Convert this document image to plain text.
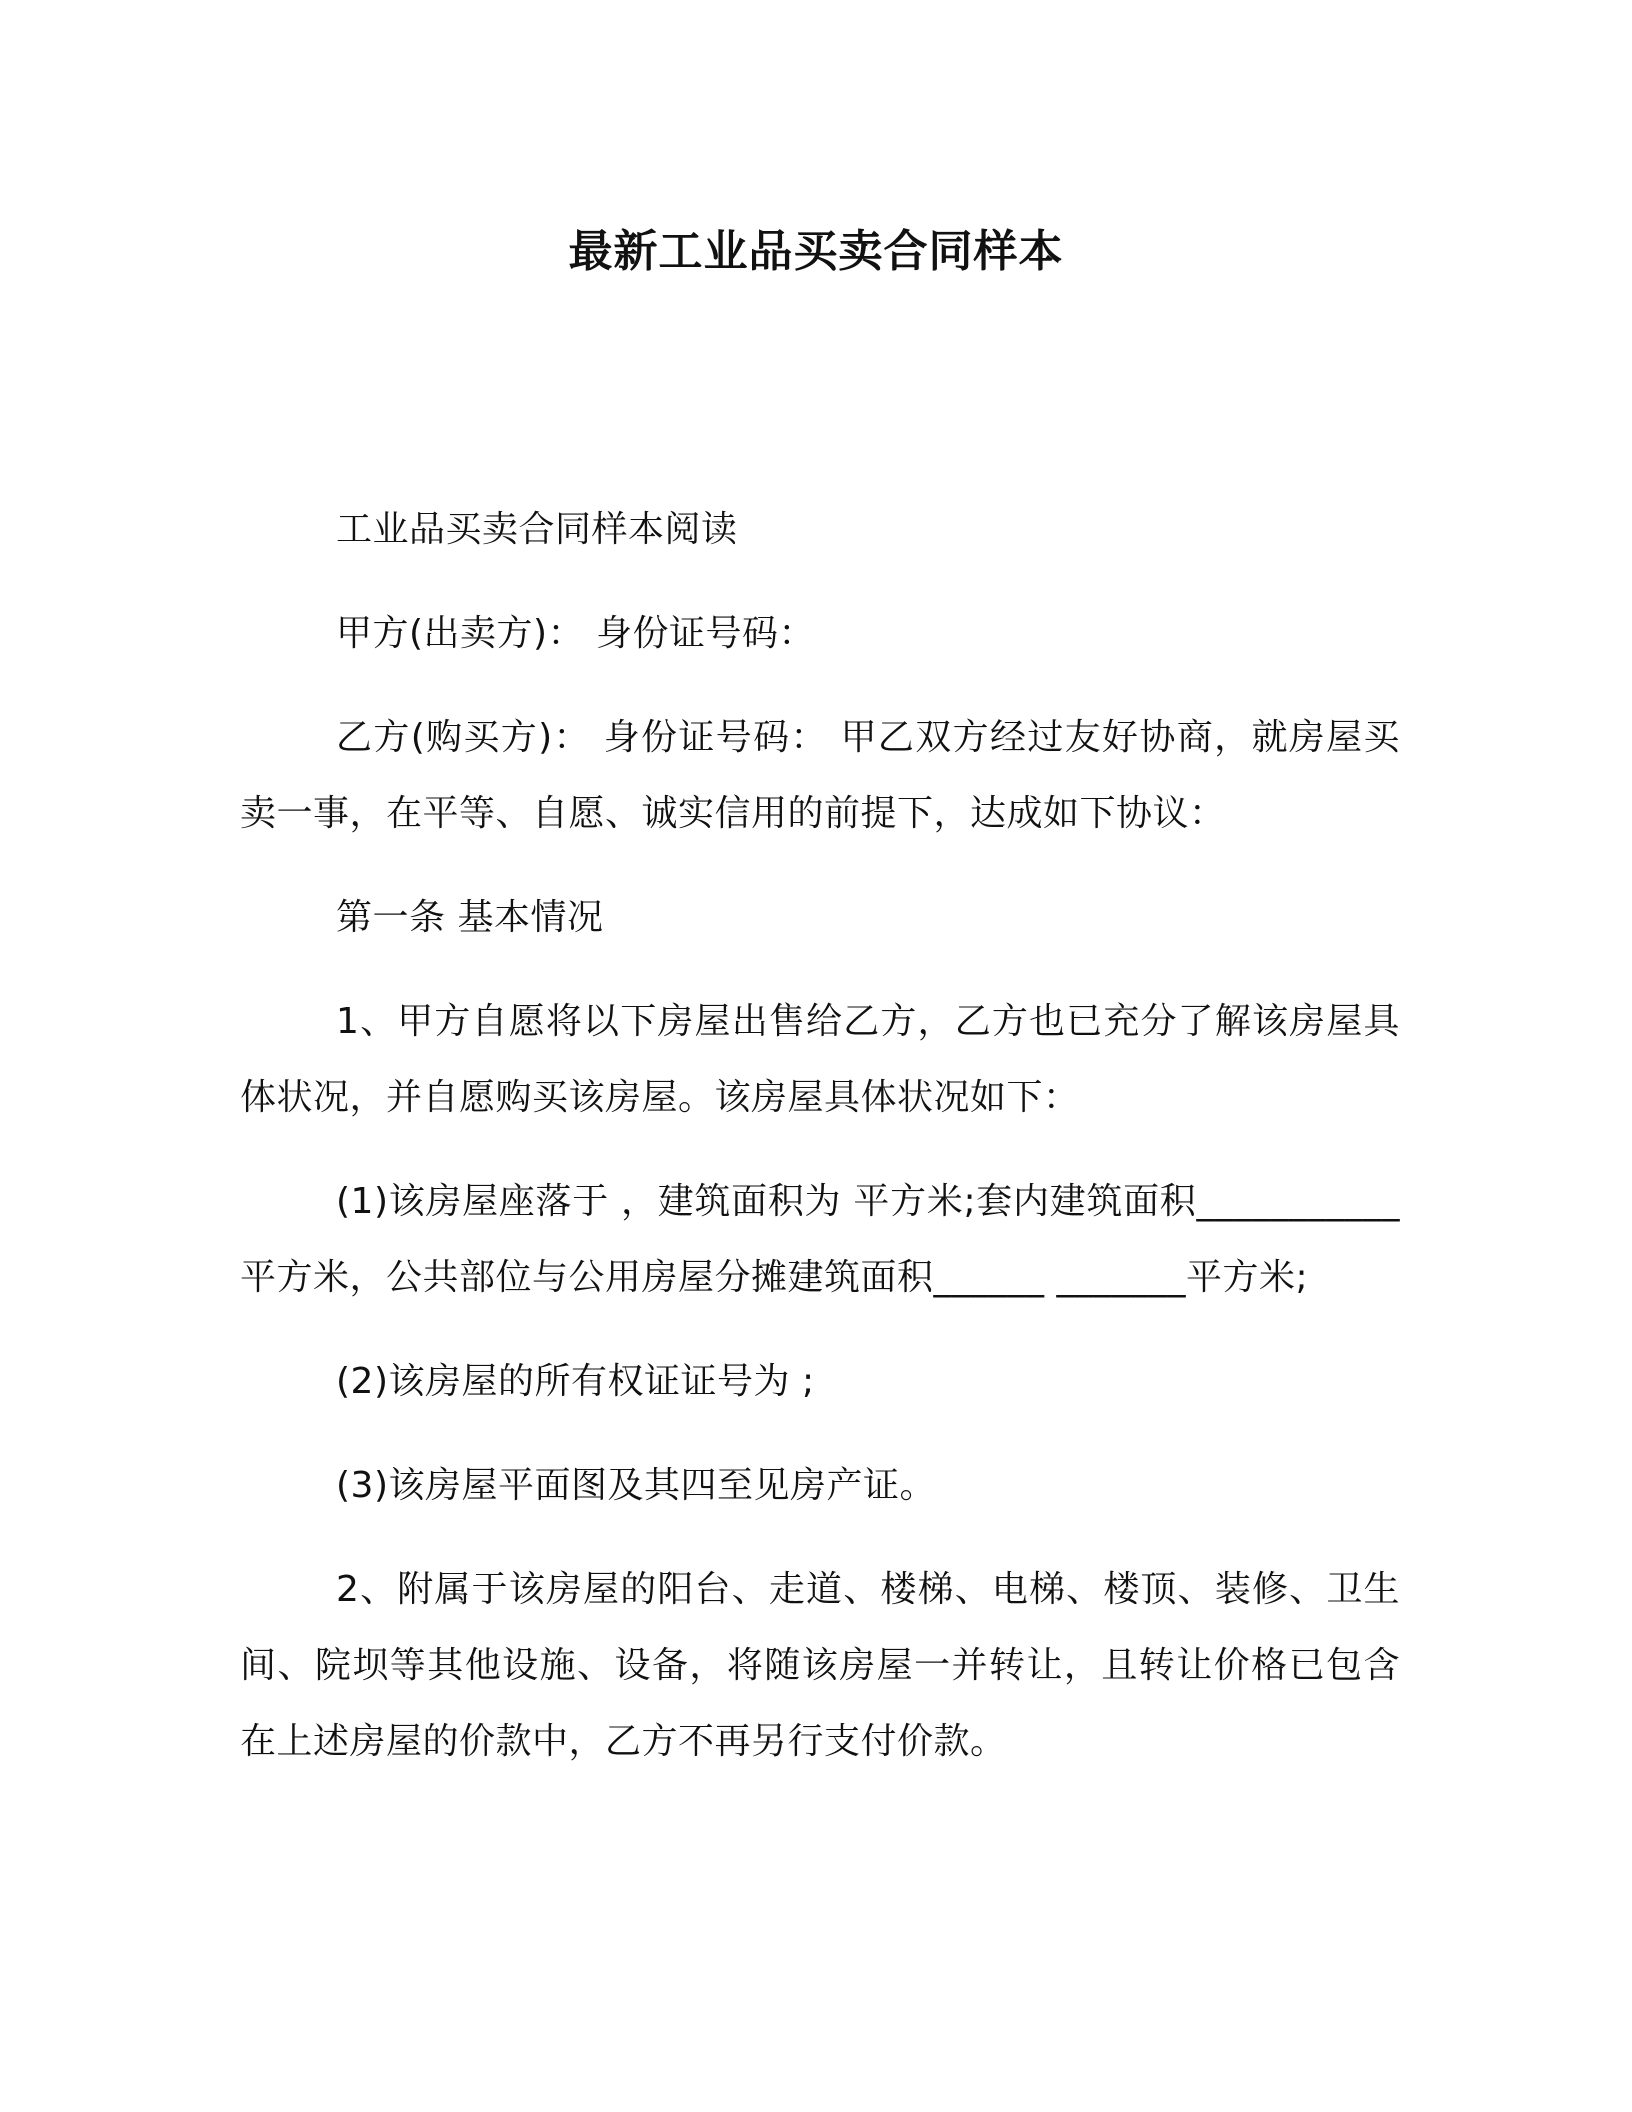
最新工业品买卖合同样本

工业品买卖合同样本阅读

甲方(出卖方)： 身份证号码：

乙方(购买方)： 身份证号码： 甲乙双方经过友好协商，就房屋买卖一事，在平等、自愿、诚实信用的前提下，达成如下协议：

第一条 基本情况

1、甲方自愿将以下房屋出售给乙方，乙方也已充分了解该房屋具体状况，并自愿购买该房屋。该房屋具体状况如下：

(1)该房屋座落于 ，建筑面积为 平方米;套内建筑面积___________平方米，公共部位与公用房屋分摊建筑面积______ _______平方米;

(2)该房屋的所有权证证号为 ;

(3)该房屋平面图及其四至见房产证。

2、附属于该房屋的阳台、走道、楼梯、电梯、楼顶、装修、卫生间、院坝等其他设施、设备，将随该房屋一并转让，且转让价格已包含在上述房屋的价款中，乙方不再另行支付价款。
